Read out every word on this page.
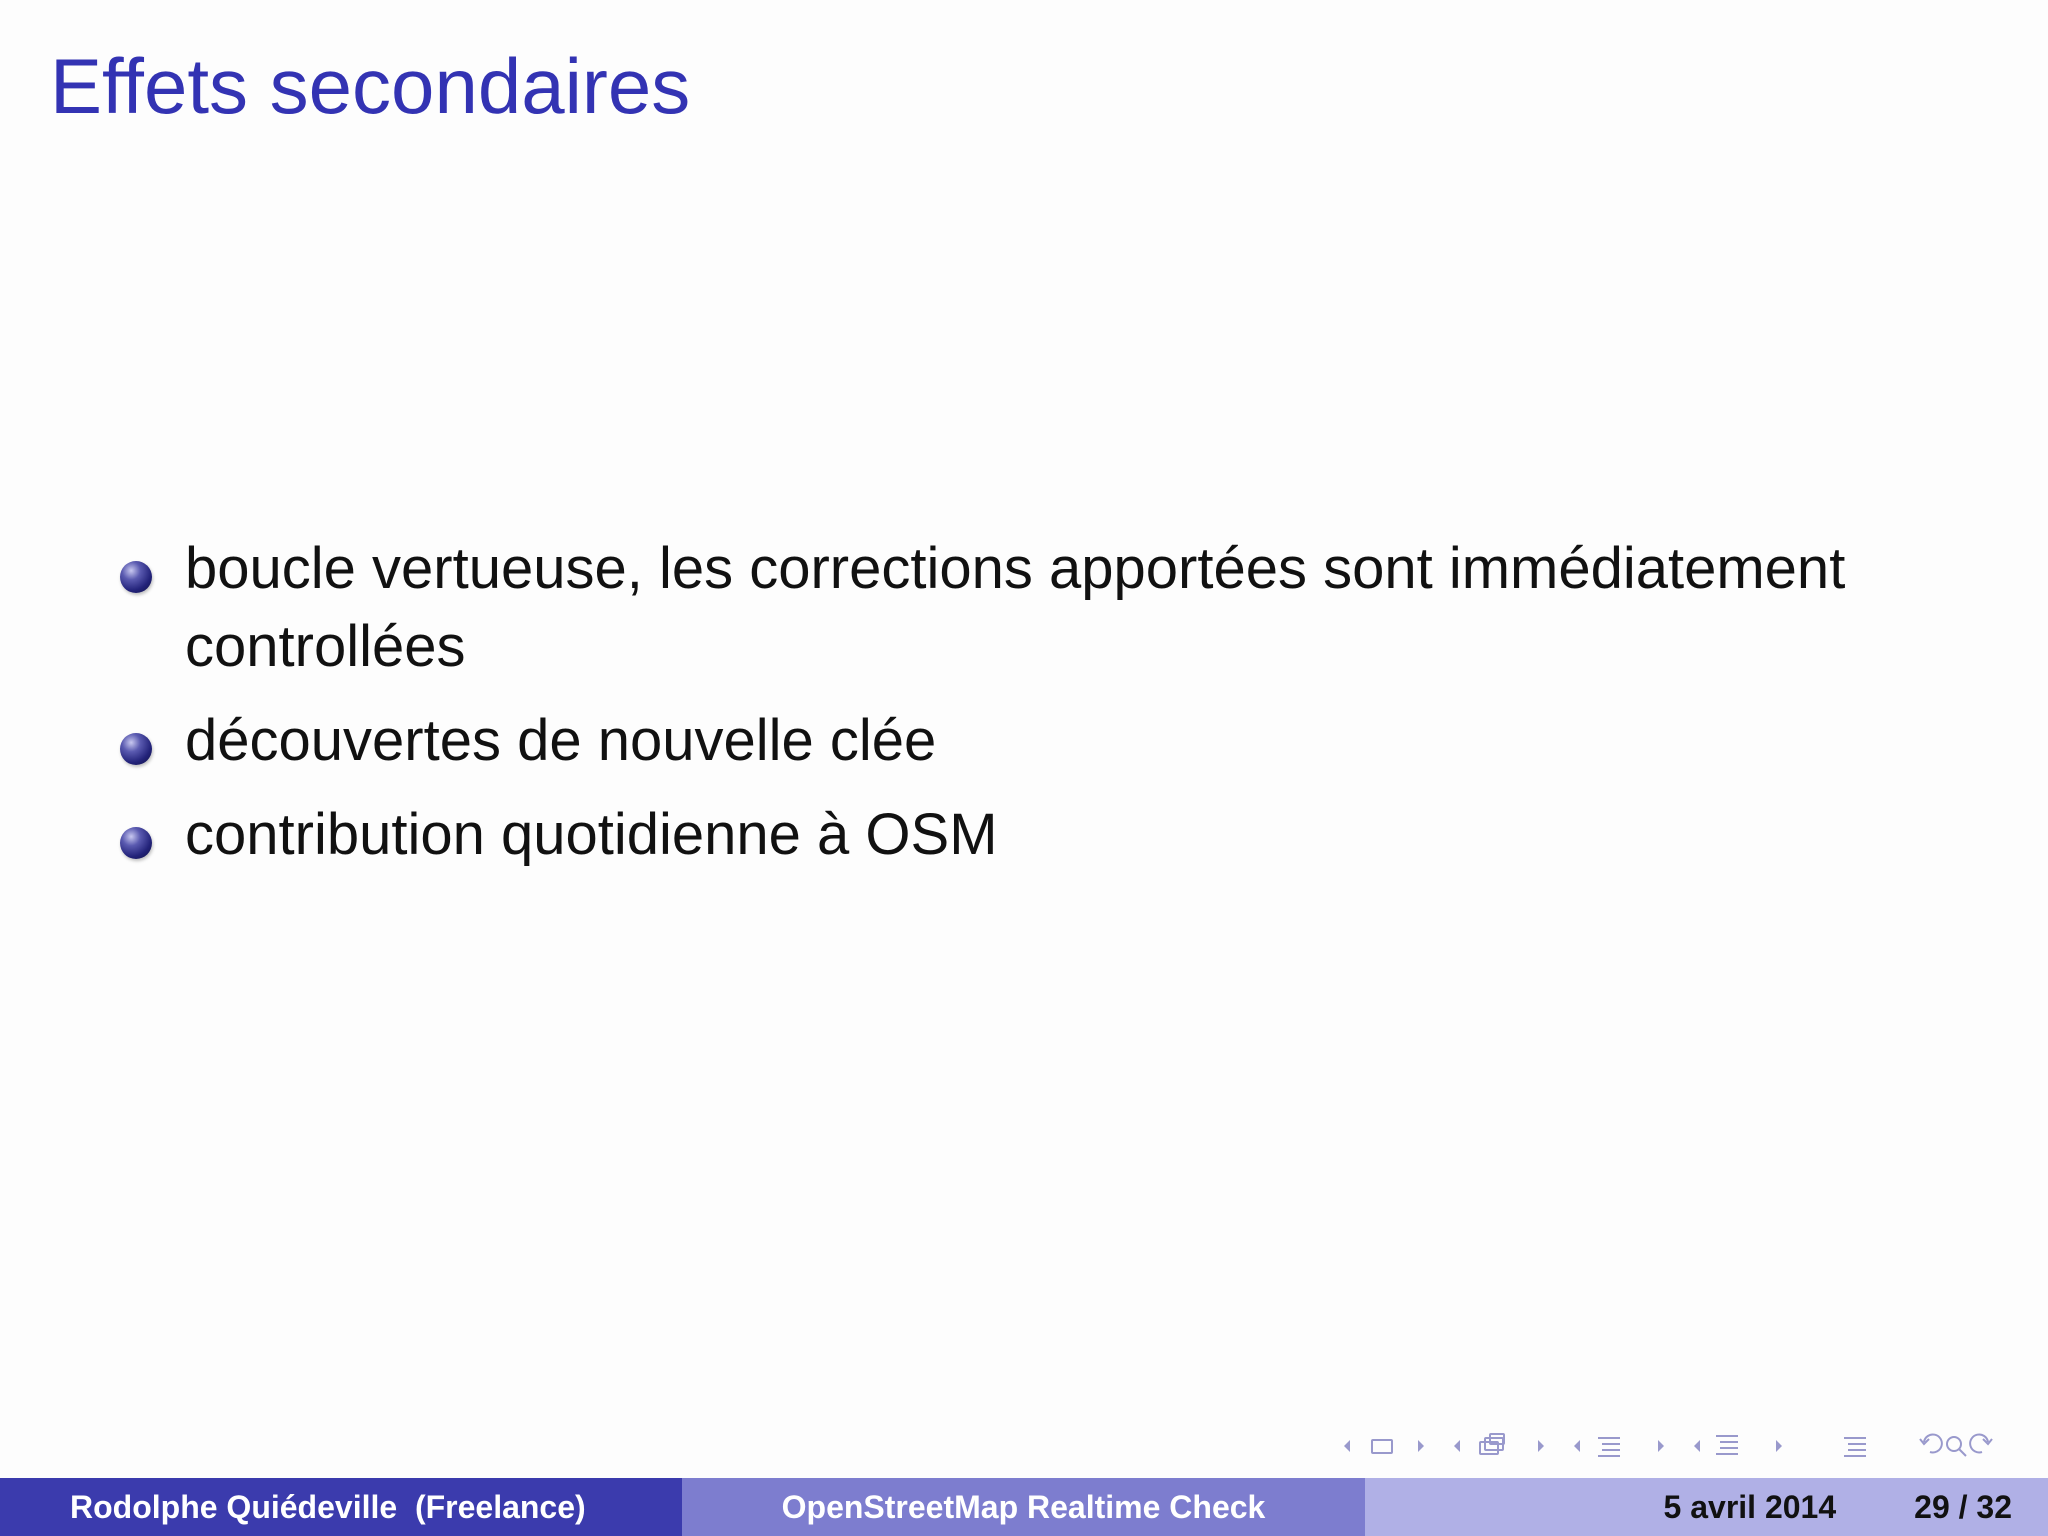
Effets secondaires
boucle vertueuse, les corrections apportées sont immédiatement controllées
découvertes de nouvelle clée
contribution quotidienne à OSM
Rodolphe Quiédeville  (Freelance)	OpenStreetMap Realtime Check	5 avril 2014 29 / 32
